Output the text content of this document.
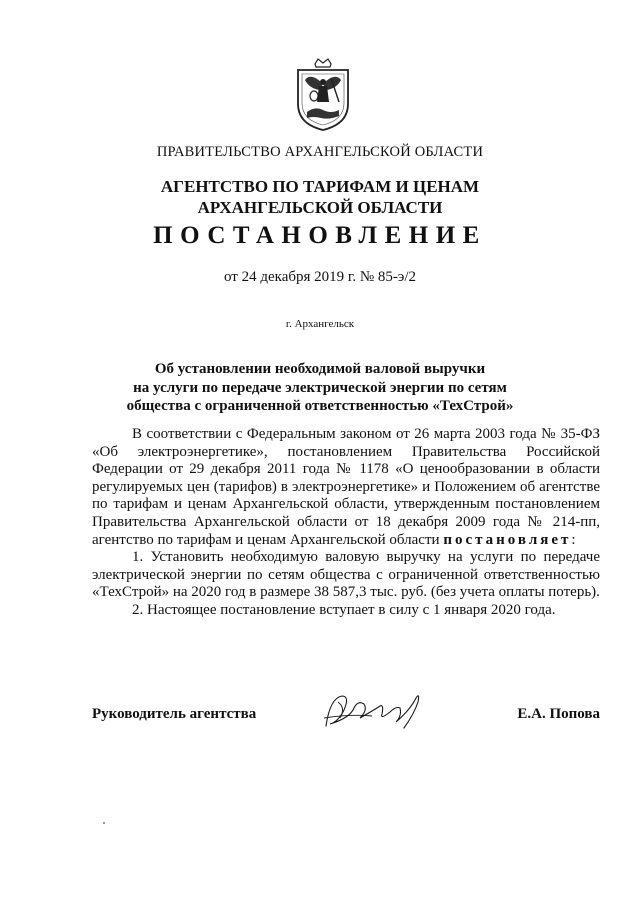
ПРАВИТЕЛЬСТВО АРХАНГЕЛЬСКОЙ ОБЛАСТИ
АГЕНТСТВО ПО ТАРИФАМ И ЦЕНАМ
АРХАНГЕЛЬСКОЙ ОБЛАСТИ
ПОСТАНОВЛЕНИЕ
от 24 декабря 2019 г. № 85-э/2
г. Архангельск
Об установлении необходимой валовой выручки
на услуги по передаче электрической энергии по сетям
общества с ограниченной ответственностью «ТехСтрой»

В соответствии с Федеральным законом от 26 марта 2003 года № 35-ФЗ «Об электроэнергетике», постановлением Правительства Российской Федерации от 29 декабря 2011 года № 1178 «О ценообразовании в области регулируемых цен (тарифов) в электроэнергетике» и Положением об агентстве по тарифам и ценам Архангельской области, утвержденным постановлением Правительства Архангельской области от 18 декабря 2009 года № 214-пп, агентство по тарифам и ценам Архангельской области постановляет:

1. Установить необходимую валовую выручку на услуги по передаче электрической энергии по сетям общества с ограниченной ответственностью «ТехСтрой» на 2020 год в размере 38 587,3 тыс. руб. (без учета оплаты потерь).

2. Настоящее постановление вступает в силу с 1 января 2020 года.

Руководитель агентства	Е.А. Попова
